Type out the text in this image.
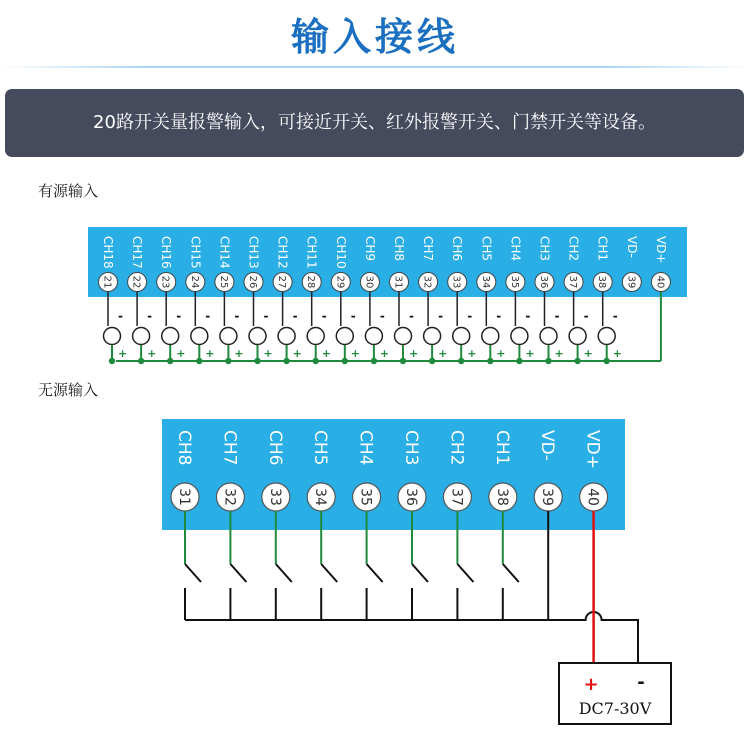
输入接线
20路开关量报警输入，可接近开关、红外报警开关、门禁开关等设备。
有源输入
无源输入
CH18
21
CH17
22
CH16
23
CH15
24
CH14
25
CH13
26
CH12
27
CH11
28
CH10
29
CH9
30
CH8
31
CH7
32
CH6
33
CH5
34
CH4
35
CH3
36
CH2
37
CH1
38
VD-
39
VD+
40
-
+
-
+
-
+
-
+
-
+
-
+
-
+
-
+
-
+
-
+
-
+
-
+
-
+
-
+
-
+
-
+
-
+
-
+
CH8
31
CH7
32
CH6
33
CH5
34
CH4
35
CH3
36
CH2
37
CH1
38
VD-
39
VD+
40
+ -
DC7-30V
